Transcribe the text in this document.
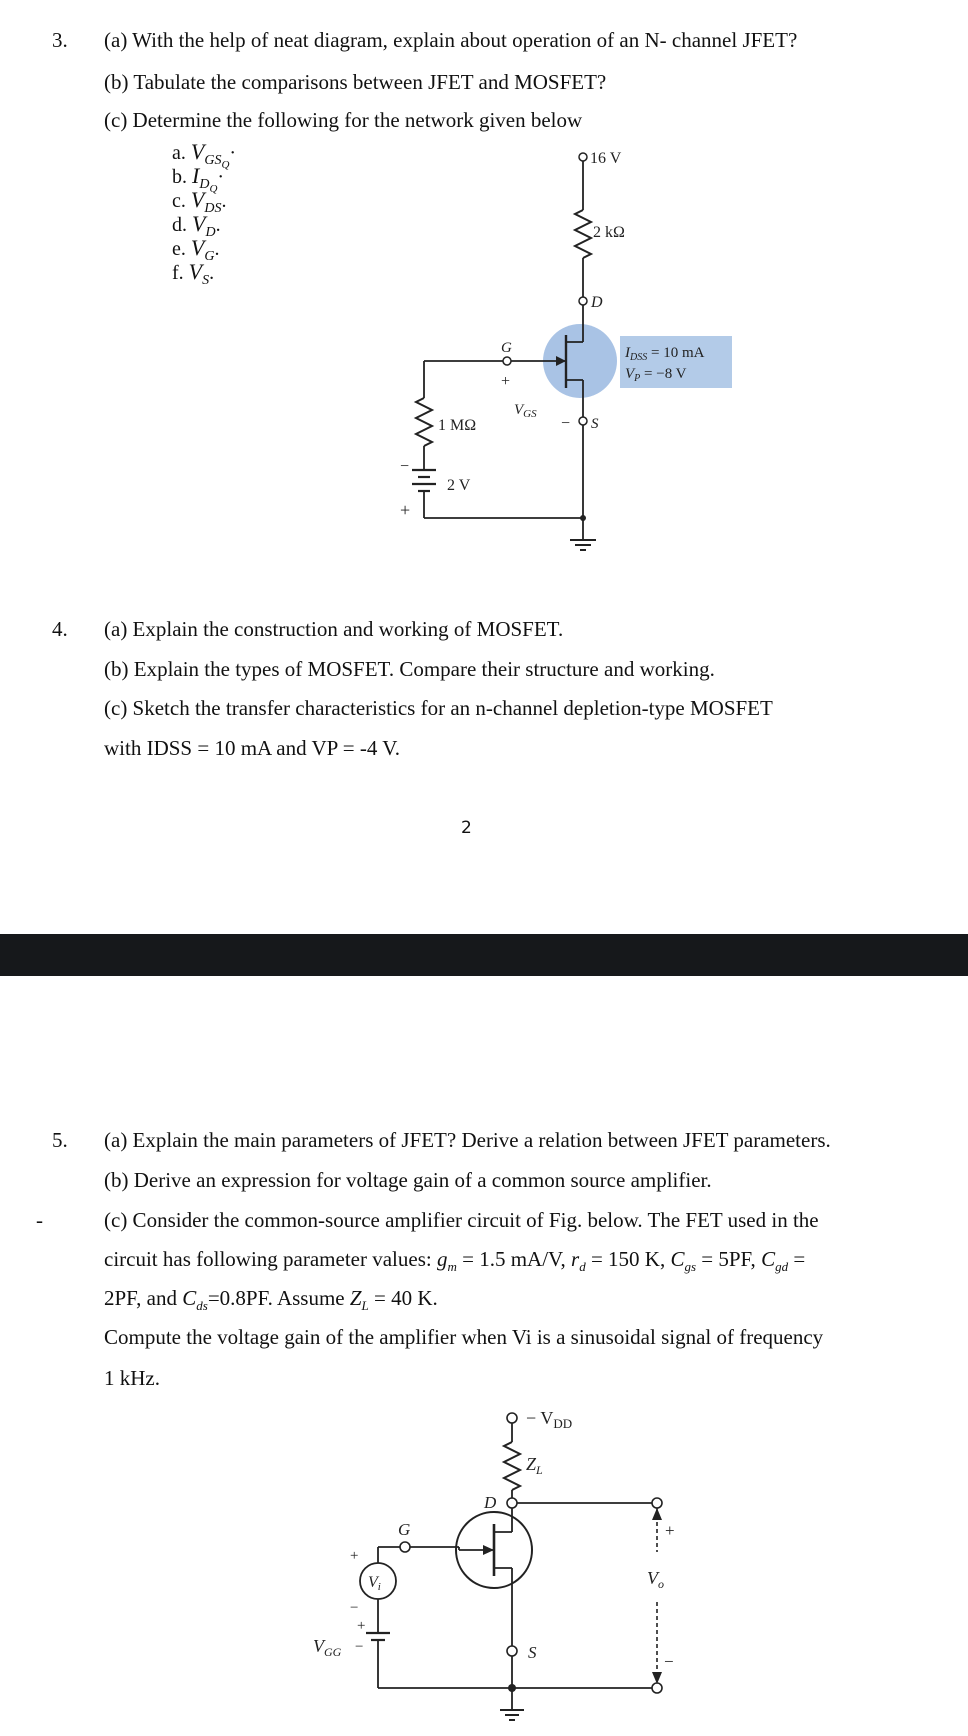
3. (a) With the help of neat diagram, explain about operation of an N- channel JFET?
(b) Tabulate the comparisons between JFET and MOSFET?
(c) Determine the following for the network given below
a. $V_{GS_Q}\cdot$
b. $I_{D_Q}\cdot$
c. $V_{DS}$.
d. $V_D$.
e. $V_G$.
f. $V_S$.
16 V
2 kΩ
D
G
+
$V_{GS}$
− S
1 MΩ
2 V
−
+
$I_{DSS} = 10$ mA
$V_P = -8$ V
4. (a) Explain the construction and working of MOSFET.
(b) Explain the types of MOSFET. Compare their structure and working.
(c) Sketch the transfer characteristics for an n-channel depletion-type MOSFET
with IDSS = 10 mA and VP = -4 V.
2
5. (a) Explain the main parameters of JFET? Derive a relation between JFET parameters.
(b) Derive an expression for voltage gain of a common source amplifier.
-	(c) Consider the common-source amplifier circuit of Fig. below. The FET used in the
circuit has following parameter values: $g_m = 1.5$ mA/V, $r_d = 150$ K, $C_{gs} = 5PF$, $C_{gd}$ =
2PF, and $C_{ds}=0.8PF$. Assume $Z_L = 40$ K.
Compute the voltage gain of the amplifier when Vi is a sinusoidal signal of frequency
1 kHz.
− $V_{DD}$
$Z_L$
D
G
Vi
+
−
+
−
$V_{GG}$	S
+
$V_o$
−
